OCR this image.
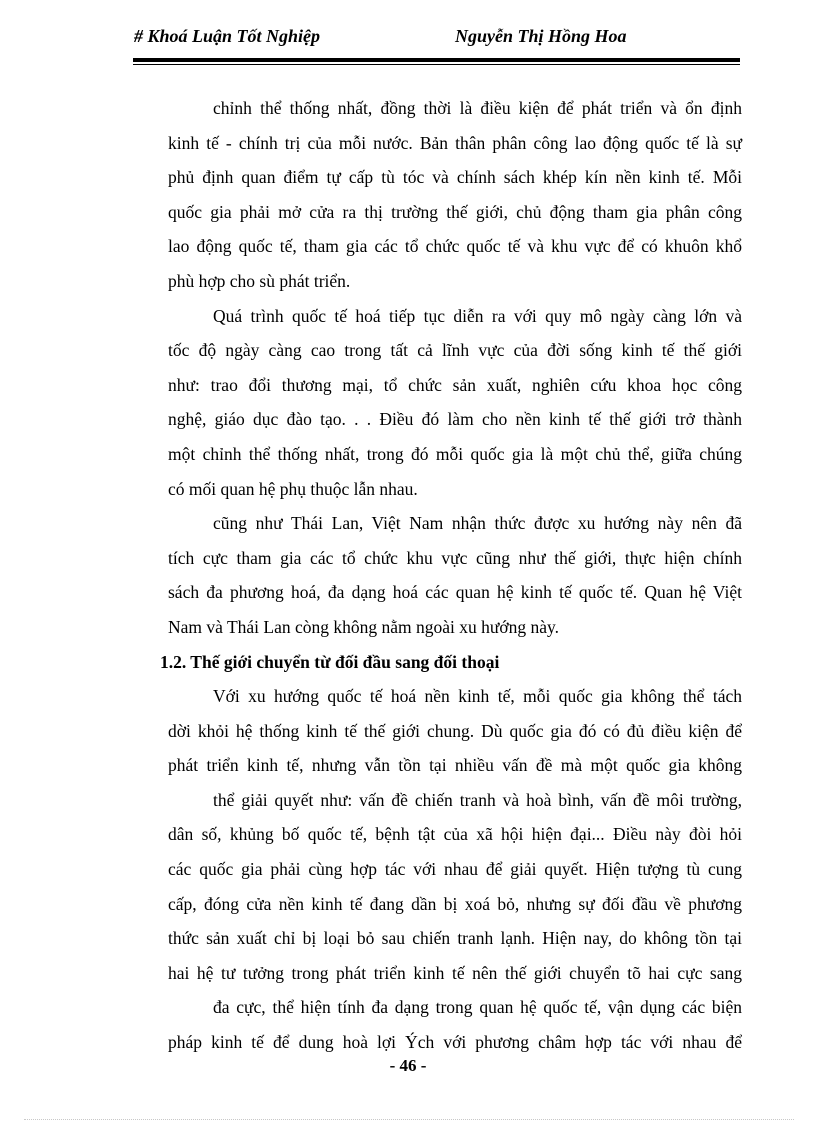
# Khoá Luận Tốt Nghiệp	Nguyễn Thị Hồng Hoa
chỉnh thể thống nhất, đồng thời là điều kiện để phát triển và ổn định
kinh tế - chính trị của mỗi nước. Bản thân phân công lao động quốc tế là sự
phủ định quan điểm tự cấp tù tóc và chính sách khép kín nền kinh tế. Mỗi
quốc gia phải mở cửa ra thị trường thế giới, chủ động tham gia phân công
lao động quốc tế, tham gia các tổ chức quốc tế và khu vực để có khuôn khổ
phù hợp cho sù phát triển.
Quá trình quốc tế hoá tiếp tục diễn ra với quy mô ngày càng lớn và
tốc độ ngày càng cao trong tất cả lĩnh vực của đời sống kinh tế thế giới
như: trao đổi thương mại, tổ chức sản xuất, nghiên cứu khoa học công
nghệ, giáo dục đào tạo. . . Điều đó làm cho nền kinh tế thế giới trở thành
một chỉnh thể thống nhất, trong đó mỗi quốc gia là một chủ thể, giữa chúng
có mối quan hệ phụ thuộc lẫn nhau.
cũng như Thái Lan, Việt Nam nhận thức được xu hướng này nên đã
tích cực tham gia các tổ chức khu vực cũng như thế giới, thực hiện chính
sách đa phương hoá, đa dạng hoá các quan hệ kinh tế quốc tế. Quan hệ Việt
Nam và Thái Lan còng không nằm ngoài xu hướng này.
1.2. Thế giới chuyển từ đối đầu sang đối thoại
Với xu hướng quốc tế hoá nền kinh tế, mỗi quốc gia không thể tách
dời khỏi hệ thống kinh tế thế giới chung. Dù quốc gia đó có đủ điều kiện để
phát triển kinh tế, nhưng vẫn tồn tại nhiều vấn đề mà một quốc gia không
thể giải quyết như: vấn đề chiến tranh và hoà bình, vấn đề môi trường,
dân số, khủng bố quốc tế, bệnh tật của xã hội hiện đại... Điều này đòi hỏi
các quốc gia phải cùng hợp tác với nhau để giải quyết. Hiện tượng tù cung
cấp, đóng cửa nền kinh tế đang dần bị xoá bỏ, nhưng sự đối đầu về phương
thức sản xuất chỉ bị loại bỏ sau chiến tranh lạnh. Hiện nay, do không tồn tại
hai hệ tư tưởng trong phát triển kinh tế nên thế giới chuyển tõ hai cực sang
đa cực, thể hiện tính đa dạng trong quan hệ quốc tế, vận dụng các biện
pháp kinh tế để dung hoà lợi Ých với phương châm hợp tác với nhau để
- 46 -
